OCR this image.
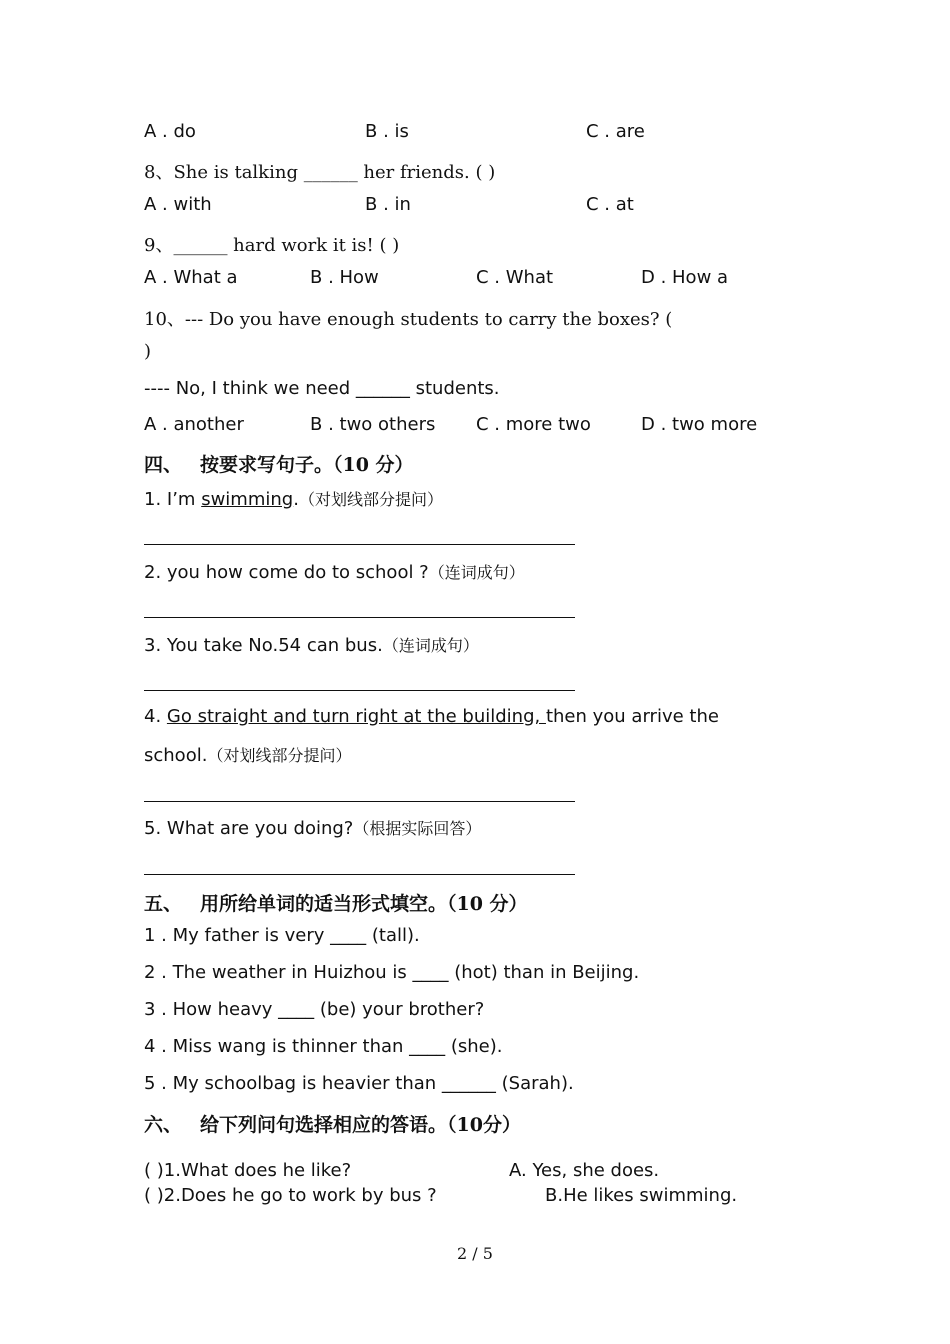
A . do	B . is	C . are
8、She is talking ______ her friends. ( )
A . with	B . in	C . at
9、______ hard work it is! ( )
A . What a	B . How	C . What	D . How a
10、--- Do you have enough students to carry the boxes? (
)
---- No, I think we need ______ students.
A . another	B . two others C . more two	D . two more
四、 按要求写句子。（10 分）
1. I’m swimming.（对划线部分提问）
2. you how come do to school ?（连词成句）
3. You take No.54 can bus.（连词成句）
4. Go straight and turn right at the building, then you arrive the
school.（对划线部分提问）
5. What are you doing?（根据实际回答）
五、 用所给单词的适当形式填空。（10 分）
1 . My father is very ____ (tall).
2 . The weather in Huizhou is ____ (hot) than in Beijing.
3 . How heavy ____ (be) your brother?
4 . Miss wang is thinner than ____ (she).
5 . My schoolbag is heavier than ______ (Sarah).
六、 给下列问句选择相应的答语。（10分）
( )1.What does he like?	A. Yes, she does.
( )2.Does he go to work by bus ?	B.He likes swimming.
2 / 5
